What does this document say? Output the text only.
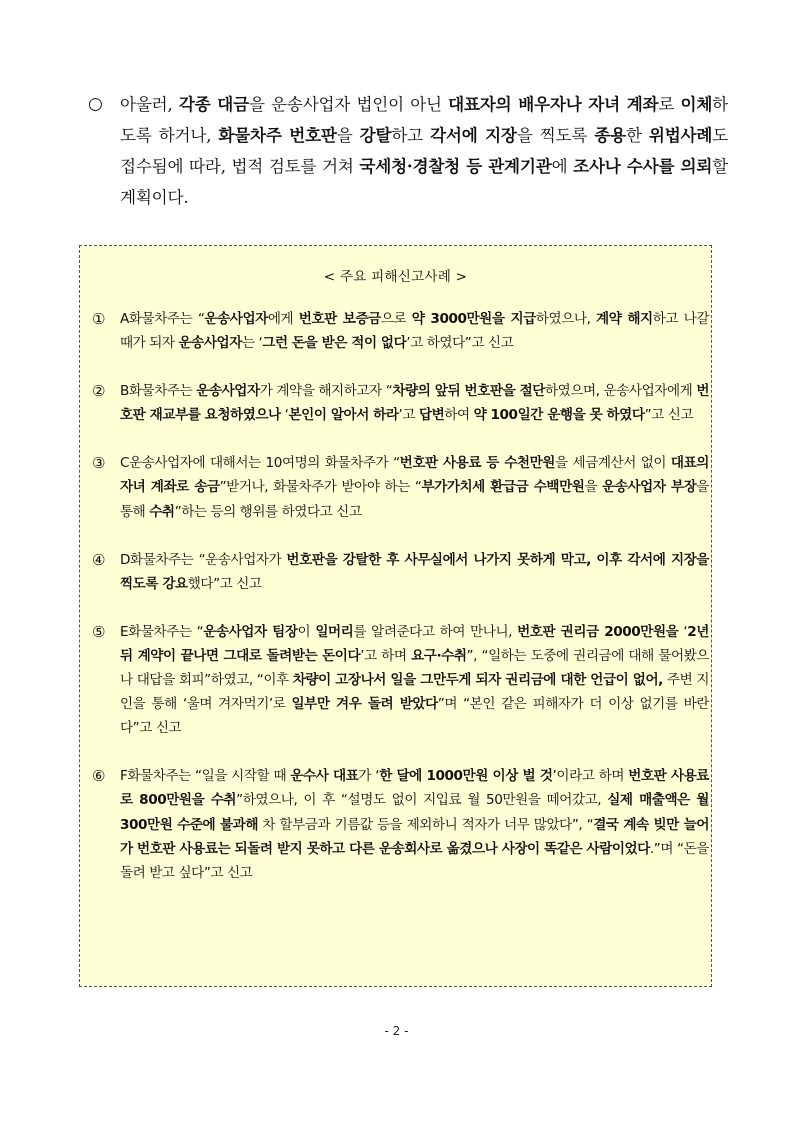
○ 아울러, 각종 대금을 운송사업자 법인이 아닌 대표자의 배우자나 자녀 계좌로 이체하도록 하거나, 화물차주 번호판을 강탈하고 각서에 지장을 찍도록 종용한 위법사례도 접수됨에 따라, 법적 검토를 거쳐 국세청·경찰청 등 관계기관에 조사나 수사를 의뢰할 계획이다.
< 주요 피해신고사례 >
① A화물차주는 “운송사업자에게 번호판 보증금으로 약 3000만원을 지급하였으나, 계약 해지하고 나갈 때가 되자 운송사업자는 ‘그런 돈을 받은 적이 없다’고 하였다”고 신고
② B화물차주는 운송사업자가 계약을 해지하고자 “차량의 앞뒤 번호판을 절단하였으며, 운송사업자에게 번호판 재교부를 요청하였으나 ‘본인이 알아서 하라’고 답변하여 약 100일간 운행을 못 하였다”고 신고
③ C운송사업자에 대해서는 10여명의 화물차주가 “번호판 사용료 등 수천만원을 세금계산서 없이 대표의 자녀 계좌로 송금”받거나, 화물차주가 받아야 하는 “부가가치세 환급금 수백만원을 운송사업자 부장을 통해 수취”하는 등의 행위를 하였다고 신고
④ D화물차주는 “운송사업자가 번호판을 강탈한 후 사무실에서 나가지 못하게 막고, 이후 각서에 지장을 찍도록 강요했다”고 신고
⑤ E화물차주는 “운송사업자 팀장이 일머리를 알려준다고 하여 만나니, 번호판 권리금 2000만원을 ‘2년 뒤 계약이 끝나면 그대로 돌려받는 돈이다’고 하며 요구·수취”, “일하는 도중에 권리금에 대해 물어봤으나 대답을 회피”하였고, “이후 차량이 고장나서 일을 그만두게 되자 권리금에 대한 언급이 없어, 주변 지인을 통해 ‘울며 겨자먹기’로 일부만 겨우 돌려 받았다”며 “본인 같은 피해자가 더 이상 없기를 바란다”고 신고
⑥ F화물차주는 “일을 시작할 때 운수사 대표가 ‘한 달에 1000만원 이상 벌 것’이라고 하며 번호판 사용료로 800만원을 수취”하였으나, 이 후 “설명도 없이 지입료 월 50만원을 떼어갔고, 실제 매출액은 월 300만원 수준에 불과해 차 할부금과 기름값 등을 제외하니 적자가 너무 많았다”, “결국 계속 빚만 늘어가 번호판 사용료는 되돌려 받지 못하고 다른 운송회사로 옮겼으나 사장이 똑같은 사람이었다.”며 “돈을 돌려 받고 싶다”고 신고
- 2 -
